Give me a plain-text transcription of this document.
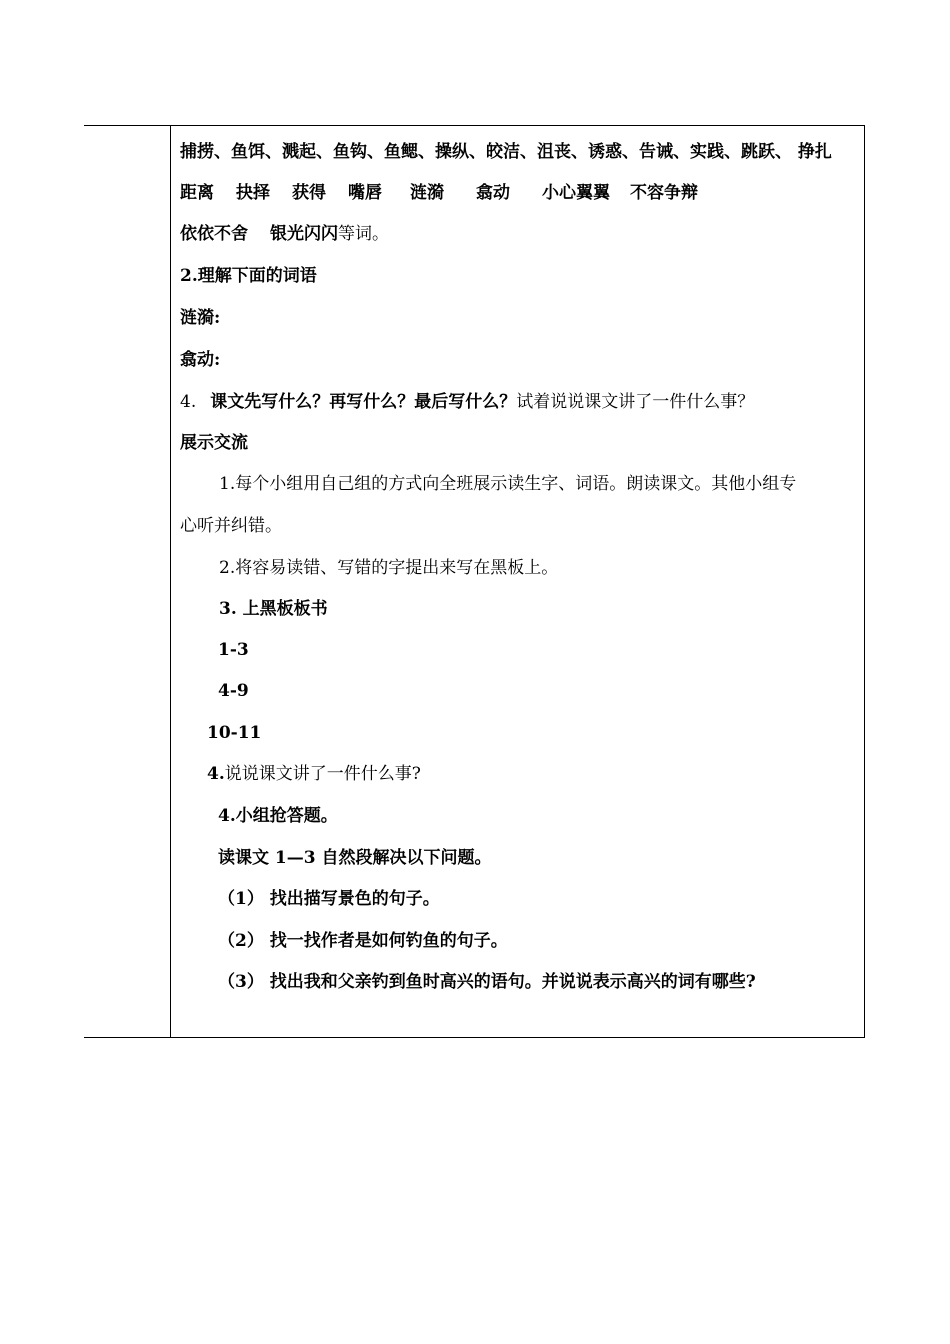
捕捞、鱼饵、溅起、鱼钩、鱼鳃、操纵、皎洁、沮丧、诱惑、告诫、实践、跳跃、 挣扎
距离 抉择 获得 嘴唇 涟漪 翕动 小心翼翼 不容争辩
依依不舍 银光闪闪等词。
2.理解下面的词语
涟漪:
翕动:
4. 课文先写什么？再写什么？最后写什么？试着说说课文讲了一件什么事？
展示交流
1.每个小组用自己组的方式向全班展示读生字、词语。朗读课文。其他小组专
心听并纠错。
2.将容易读错、写错的字提出来写在黑板上。
3. 上黑板板书
1-3
4-9
10-11
4.说说课文讲了一件什么事?
4.小组抢答题。
读课文 1—3 自然段解决以下问题。
（1） 找出描写景色的句子。
（2） 找一找作者是如何钓鱼的句子。
（3） 找出我和父亲钓到鱼时高兴的语句。并说说表示高兴的词有哪些?
